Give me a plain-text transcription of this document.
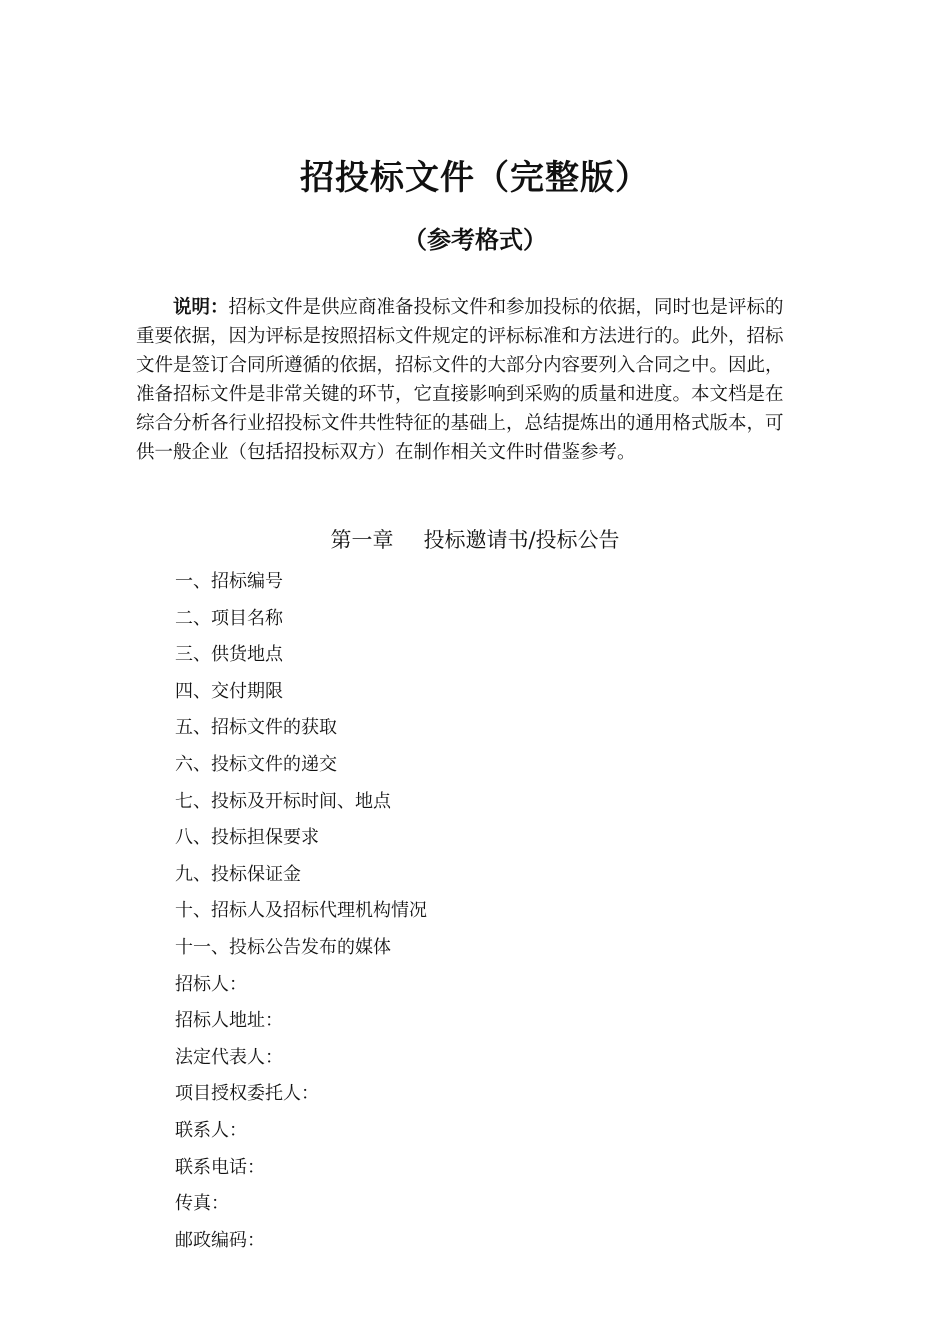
招投标文件（完整版）
（参考格式）
说明：招标文件是供应商准备投标文件和参加投标的依据，同时也是评标的
重要依据，因为评标是按照招标文件规定的评标标准和方法进行的。此外，招标
文件是签订合同所遵循的依据，招标文件的大部分内容要列入合同之中。因此，
准备招标文件是非常关键的环节，它直接影响到采购的质量和进度。本文档是在
综合分析各行业招投标文件共性特征的基础上，总结提炼出的通用格式版本，可
供一般企业（包括招投标双方）在制作相关文件时借鉴参考。
第一章 投标邀请书/投标公告
一、招标编号
二、项目名称
三、供货地点
四、交付期限
五、招标文件的获取
六、投标文件的递交
七、投标及开标时间、地点
八、投标担保要求
九、投标保证金
十、招标人及招标代理机构情况
十一、投标公告发布的媒体
招标人：
招标人地址：
法定代表人：
项目授权委托人：
联系人：
联系电话：
传真：
邮政编码：
